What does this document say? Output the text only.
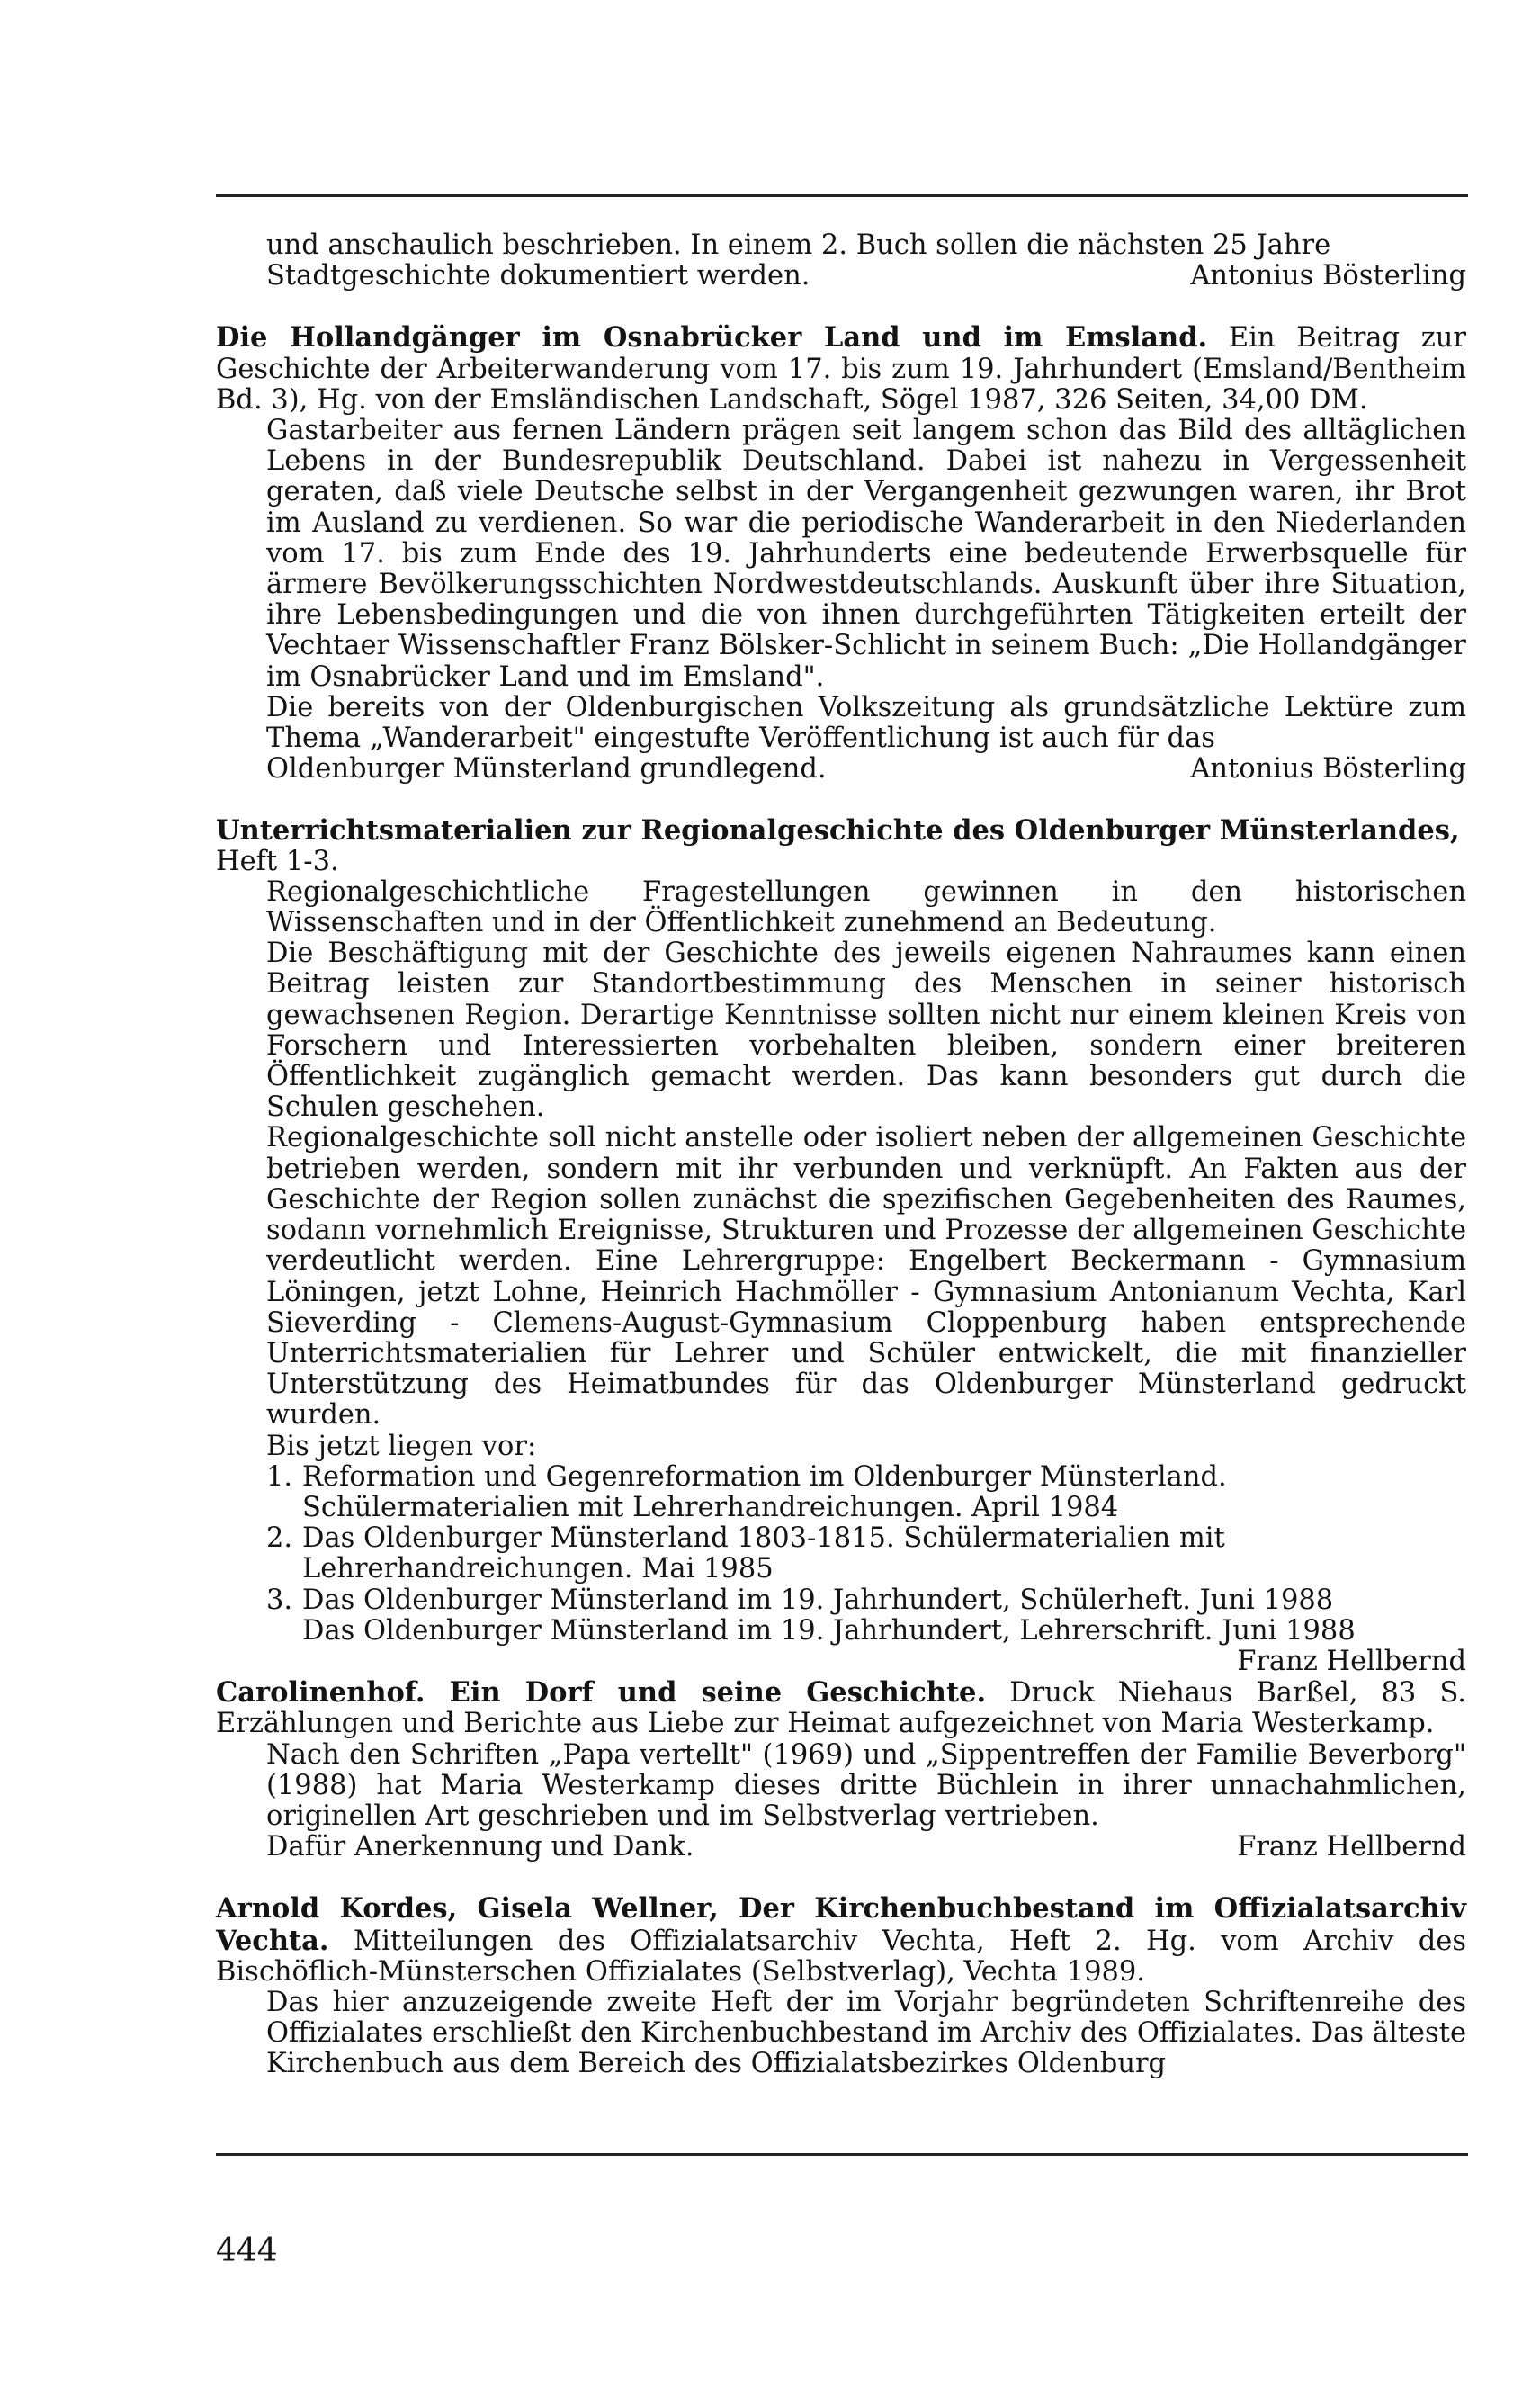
und anschaulich beschrieben. In einem 2. Buch sollen die nächsten 25 Jahre

Stadtgeschichte dokumentiert werden.	Antonius Bösterling

Die Hollandgänger im Osnabrücker Land und im Emsland. Ein Beitrag zur Geschichte der Arbeiterwanderung vom 17. bis zum 19. Jahrhundert (Emsland/Bentheim Bd. 3), Hg. von der Emsländischen Landschaft, Sögel 1987, 326 Seiten, 34,00 DM.

Gastarbeiter aus fernen Ländern prägen seit langem schon das Bild des alltäglichen Lebens in der Bundesrepublik Deutschland. Dabei ist nahezu in Vergessenheit geraten, daß viele Deutsche selbst in der Vergangenheit gezwungen waren, ihr Brot im Ausland zu verdienen. So war die periodische Wanderarbeit in den Niederlanden vom 17. bis zum Ende des 19. Jahrhunderts eine bedeutende Erwerbsquelle für ärmere Bevölkerungsschichten Nordwestdeutschlands. Auskunft über ihre Situation, ihre Lebensbedingungen und die von ihnen durchgeführten Tätigkeiten erteilt der Vechtaer Wissenschaftler Franz Bölsker-Schlicht in seinem Buch: „Die Hollandgänger im Osnabrücker Land und im Emsland".

Die bereits von der Oldenburgischen Volkszeitung als grundsätzliche Lektüre zum Thema „Wanderarbeit" eingestufte Veröffentlichung ist auch für das

Oldenburger Münsterland grundlegend.	Antonius Bösterling

Unterrichtsmaterialien zur Regionalgeschichte des Oldenburger Münsterlandes,

Heft 1-3.

Regionalgeschichtliche Fragestellungen gewinnen in den historischen Wissenschaften und in der Öffentlichkeit zunehmend an Bedeutung.

Die Beschäftigung mit der Geschichte des jeweils eigenen Nahraumes kann einen Beitrag leisten zur Standortbestimmung des Menschen in seiner historisch gewachsenen Region. Derartige Kenntnisse sollten nicht nur einem kleinen Kreis von Forschern und Interessierten vorbehalten bleiben, sondern einer breiteren Öffentlichkeit zugänglich gemacht werden. Das kann besonders gut durch die Schulen geschehen.

Regionalgeschichte soll nicht anstelle oder isoliert neben der allgemeinen Geschichte betrieben werden, sondern mit ihr verbunden und verknüpft. An Fakten aus der Geschichte der Region sollen zunächst die spezifischen Gegebenheiten des Raumes, sodann vornehmlich Ereignisse, Strukturen und Prozesse der allgemeinen Geschichte verdeutlicht werden. Eine Lehrergruppe: Engelbert Beckermann - Gymnasium Löningen, jetzt Lohne, Heinrich Hachmöller - Gymnasium Antonianum Vechta, Karl Sieverding - Clemens-August-Gymnasium Cloppenburg haben entsprechende Unterrichtsmaterialien für Lehrer und Schüler entwickelt, die mit finanzieller Unterstützung des Heimatbundes für das Oldenburger Münsterland gedruckt wurden.

Bis jetzt liegen vor:

1. Reformation und Gegenreformation im Oldenburger Münsterland. Schülermaterialien mit Lehrerhandreichungen. April 1984
2. Das Oldenburger Münsterland 1803-1815. Schülermaterialien mit Lehrerhandreichungen. Mai 1985
3. Das Oldenburger Münsterland im 19. Jahrhundert, Schülerheft. Juni 1988

Das Oldenburger Münsterland im 19. Jahrhundert, Lehrerschrift. Juni 1988

Franz Hellbernd

Carolinenhof. Ein Dorf und seine Geschichte. Druck Niehaus Barßel, 83 S. Erzählungen und Berichte aus Liebe zur Heimat aufgezeichnet von Maria Westerkamp.

Nach den Schriften „Papa vertellt" (1969) und „Sippentreffen der Familie Beverborg" (1988) hat Maria Westerkamp dieses dritte Büchlein in ihrer unnachahmlichen, originellen Art geschrieben und im Selbstverlag vertrieben.

Dafür Anerkennung und Dank.	Franz Hellbernd

Arnold Kordes, Gisela Wellner, Der Kirchenbuchbestand im Offizialatsarchiv Vechta. Mitteilungen des Offizialatsarchiv Vechta, Heft 2. Hg. vom Archiv des Bischöflich-Münsterschen Offizialates (Selbstverlag), Vechta 1989.

Das hier anzuzeigende zweite Heft der im Vorjahr begründeten Schriftenreihe des Offizialates erschließt den Kirchenbuchbestand im Archiv des Offizialates. Das älteste Kirchenbuch aus dem Bereich des Offizialatsbezirkes Oldenburg

444
